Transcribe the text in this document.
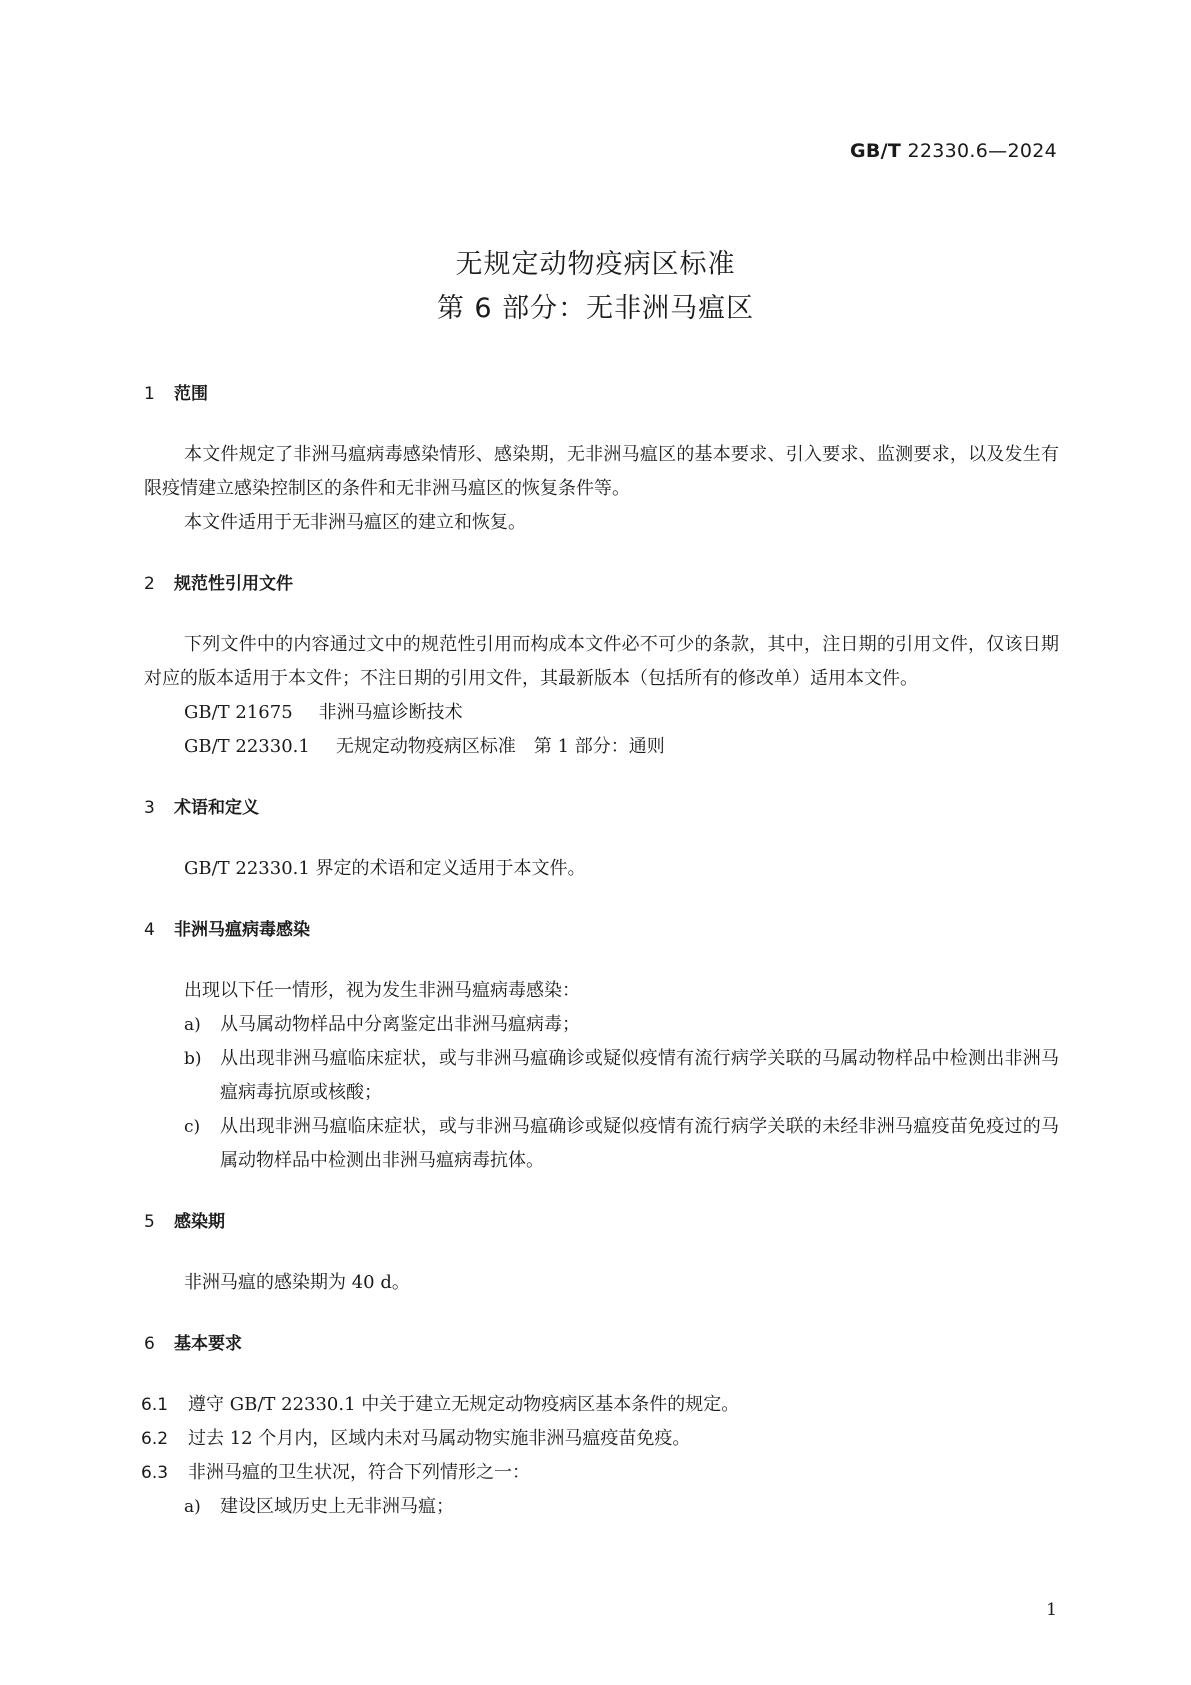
GB/T 22330.6—2024
无规定动物疫病区标准
第 6 部分：无非洲马瘟区
1 范围
本文件规定了非洲马瘟病毒感染情形、感染期，无非洲马瘟区的基本要求、引入要求、监测要求，以及发生有限疫情建立感染控制区的条件和无非洲马瘟区的恢复条件等。
本文件适用于无非洲马瘟区的建立和恢复。
2 规范性引用文件
下列文件中的内容通过文中的规范性引用而构成本文件必不可少的条款，其中，注日期的引用文件，仅该日期对应的版本适用于本文件；不注日期的引用文件，其最新版本（包括所有的修改单）适用本文件。
GB/T 21675 非洲马瘟诊断技术
GB/T 22330.1 无规定动物疫病区标准　第 1 部分：通则
3 术语和定义
GB/T 22330.1 界定的术语和定义适用于本文件。
4 非洲马瘟病毒感染
出现以下任一情形，视为发生非洲马瘟病毒感染：
a) 从马属动物样品中分离鉴定出非洲马瘟病毒；
b) 从出现非洲马瘟临床症状，或与非洲马瘟确诊或疑似疫情有流行病学关联的马属动物样品中检测出非洲马瘟病毒抗原或核酸；
c) 从出现非洲马瘟临床症状，或与非洲马瘟确诊或疑似疫情有流行病学关联的未经非洲马瘟疫苗免疫过的马属动物样品中检测出非洲马瘟病毒抗体。
5 感染期
非洲马瘟的感染期为 40 d。
6 基本要求
6.1 遵守 GB/T 22330.1 中关于建立无规定动物疫病区基本条件的规定。
6.2 过去 12 个月内，区域内未对马属动物实施非洲马瘟疫苗免疫。
6.3 非洲马瘟的卫生状况，符合下列情形之一：
a) 建设区域历史上无非洲马瘟；
1
